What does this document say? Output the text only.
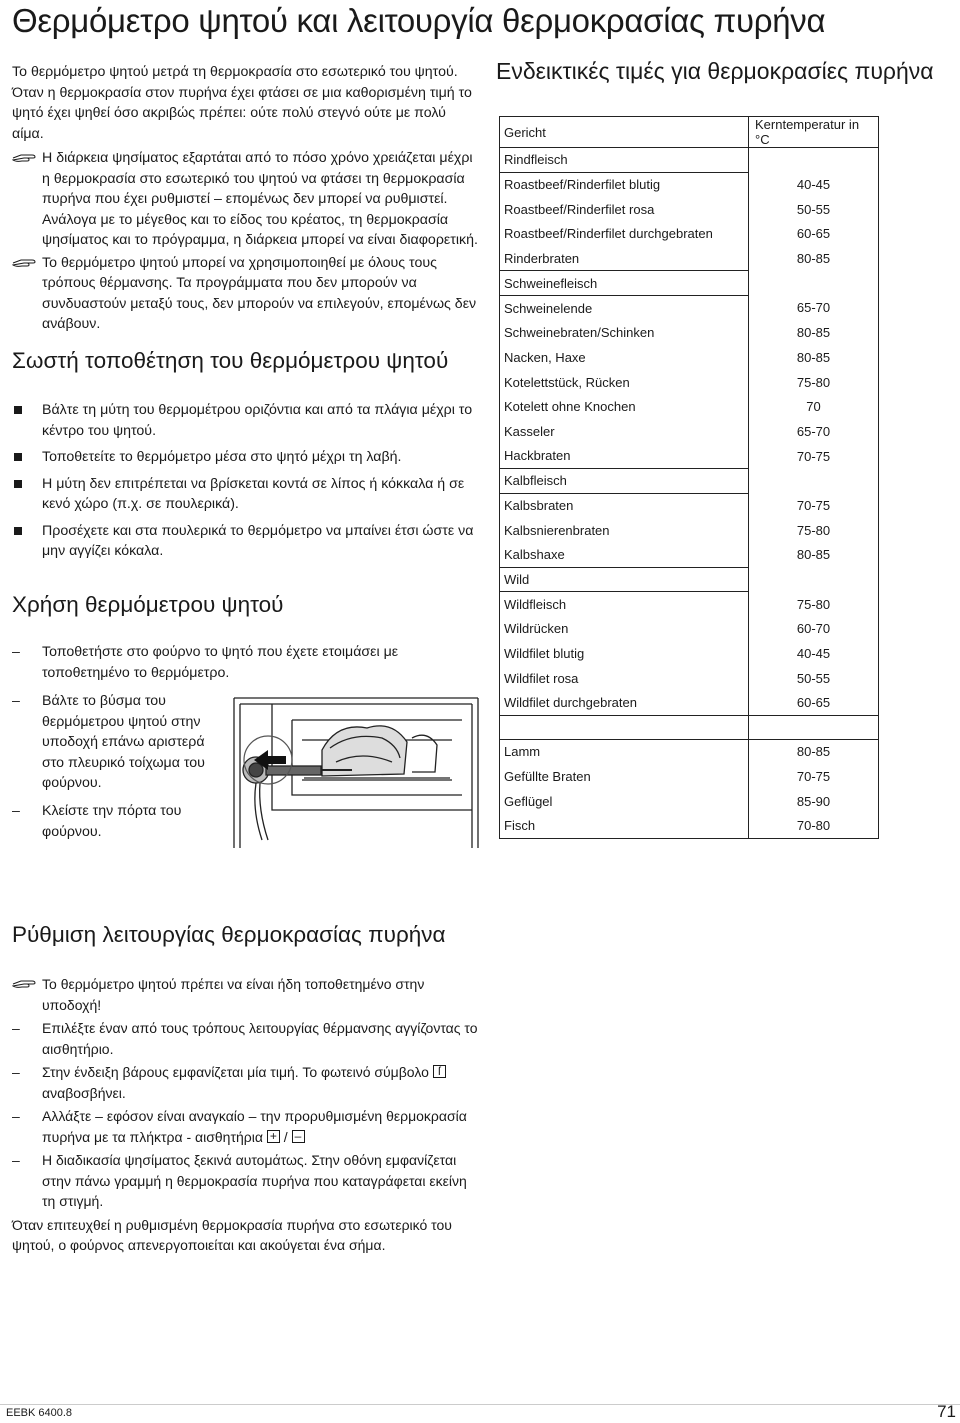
Θερμόμετρο ψητού και λειτουργία θερμοκρασίας πυρήνα

Το θερμόμετρο ψητού μετρά τη θερμοκρασία στο εσωτερικό του ψητού.

Όταν η θερμοκρασία στον πυρήνα έχει φτάσει σε μια καθορισμένη τιμή το ψητό έχει ψηθεί όσο ακριβώς πρέπει: ούτε πολύ στεγνό ούτε με πολύ αίμα.

Η διάρκεια ψησίματος εξαρτάται από το πόσο χρόνο χρειάζεται μέχρι η θερμοκρασία στο εσωτερικό του ψητού να φτάσει τη θερμοκρασία πυρήνα που έχει ρυθμιστεί – επομένως δεν μπορεί να ρυθμιστεί.

Ανάλογα με το μέγεθος και το είδος του κρέατος, τη θερμοκρασία ψησίματος και το πρόγραμμα, η διάρκεια μπορεί να είναι διαφορετική.

Το θερμόμετρο ψητού μπορεί να χρησιμοποιηθεί με όλους τους τρόπους θέρμανσης. Τα προγράμματα που δεν μπορούν να συνδυαστούν μεταξύ τους, δεν μπορούν να επιλεγούν, επομένως δεν ανάβουν.

Σωστή τοποθέτηση του θερμόμετρου ψητού
Βάλτε τη μύτη του θερμομέτρου οριζόντια και από τα πλάγια μέχρι το κέντρο του ψητού.
Τοποθετείτε το θερμόμετρο μέσα στο ψητό μέχρι τη λαβή.
Η μύτη δεν επιτρέπεται να βρίσκεται κοντά σε λίπος ή κόκκαλα ή σε κενό χώρο (π.χ. σε πουλερικά).
Προσέχετε και στα πουλερικά το θερμόμετρο να μπαίνει έτσι ώστε να μην αγγίζει κόκαλα.
Χρήση θερμόμετρου ψητού
– Τοποθετήστε στο φούρνο το ψητό που έχετε ετοιμάσει με τοποθετημένο το θερμόμετρο.
– Βάλτε το βύσμα του θερμόμετρου ψητού στην υποδοχή επάνω αριστερά στο πλευρικό τοίχωμα του φούρνου.
– Κλείστε την πόρτα του φούρνου.
Ενδεικτικές τιμές για θερμοκρασίες πυρήνα
Gericht	Kerntemperatur in °C
Rindfleisch	
Roastbeef/Rinderfilet blutig	40-45
Roastbeef/Rinderfilet rosa	50-55
Roastbeef/Rinderfilet durchgebraten	60-65
Rinderbraten	80-85
Schweinefleisch	
Schweinelende	65-70
Schweinebraten/Schinken	80-85
Nacken, Haxe	80-85
Kotelettstück, Rücken	75-80
Kotelett ohne Knochen	70
Kasseler	65-70
Hackbraten	70-75
Kalbfleisch	
Kalbsbraten	70-75
Kalbsnierenbraten	75-80
Kalbshaxe	80-85
Wild	
Wildfleisch	75-80
Wildrücken	60-70
Wildfilet blutig	40-45
Wildfilet rosa	50-55
Wildfilet durchgebraten	60-65

Lamm	80-85
Gefüllte Braten	70-75
Geflügel	85-90
Fisch	70-80
Ρύθμιση λειτουργίας θερμοκρασίας πυρήνα

Το θερμόμετρο ψητού πρέπει να είναι ήδη τοποθετημένο στην υποδοχή!

– Επιλέξτε έναν από τους τρόπους λειτουργίας θέρμανσης αγγίζοντας το αισθητήριο.
– Στην ένδειξη βάρους εμφανίζεται μία τιμή. Το φωτεινό σύμβολο ſ

αναβοσβήνει.
– Αλλάξτε – εφόσον είναι αναγκαίο – την προρυθμισμένη θερμοκρασία πυρήνα με τα πλήκτρα - αισθητήρια + / –
– Η διαδικασία ψησίματος ξεκινά αυτομάτως. Στην οθόνη εμφανίζεται στην πάνω γραμμή η θερμοκρασία πυρήνα που καταγράφεται εκείνη τη στιγμή.

Όταν επιτευχθεί η ρυθμισμένη θερμοκρασία πυρήνα στο εσωτερικό του ψητού, ο φούρνος απενεργοποιείται και ακούγεται ένα σήμα.

EEBK 6400.8	71
